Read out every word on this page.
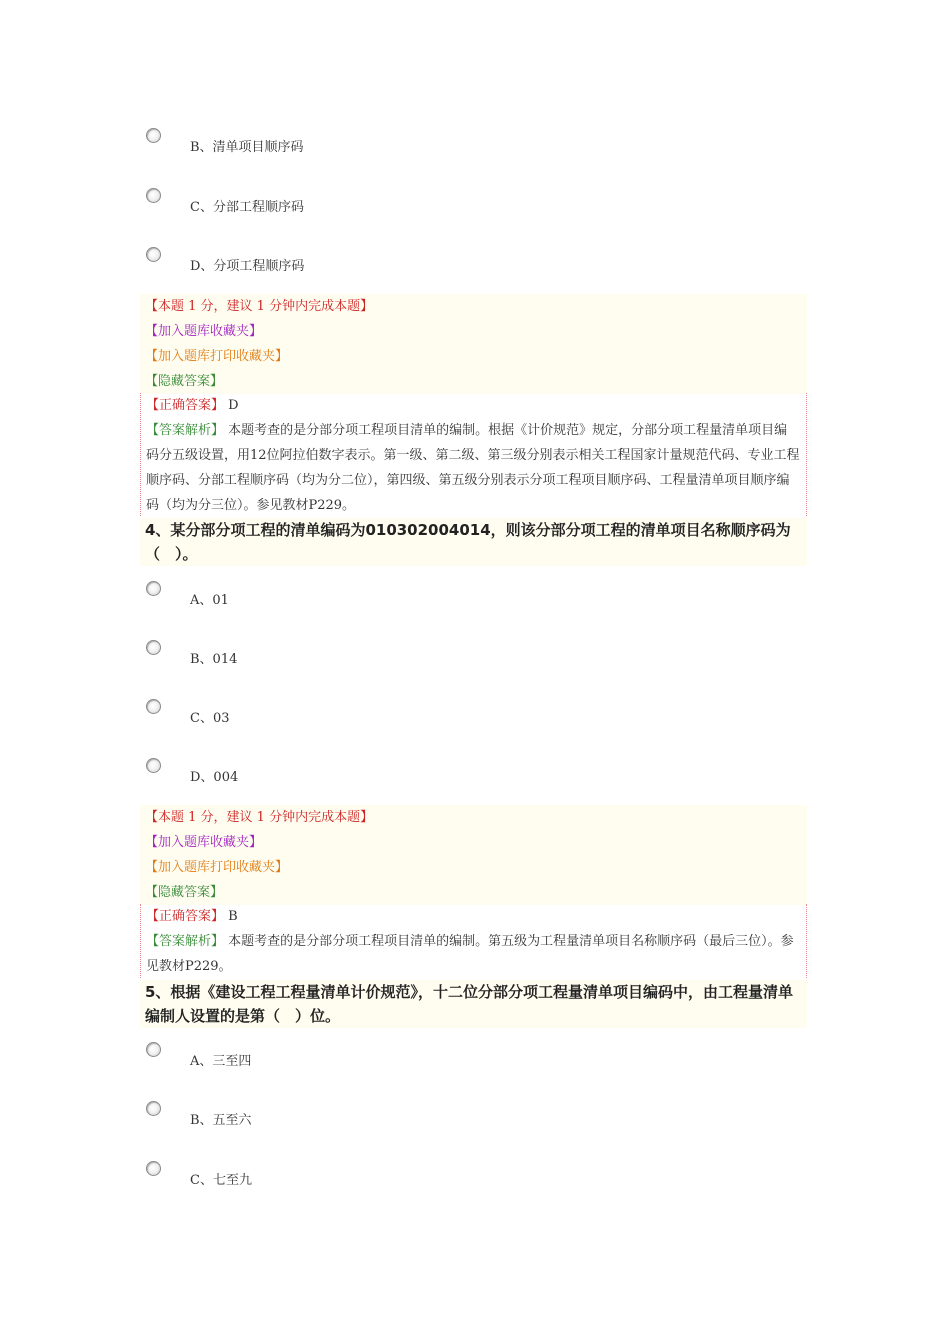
B、清单项目顺序码
C、分部工程顺序码
D、分项工程顺序码
【本题 1 分，建议 1 分钟内完成本题】
【加入题库收藏夹】
【加入题库打印收藏夹】
【隐藏答案】
【正确答案】 D
【答案解析】 本题考查的是分部分项工程项目清单的编制。根据《计价规范》规定，分部分项工程量清单项目编码分五级设置，用12位阿拉伯数字表示。第一级、第二级、第三级分别表示相关工程国家计量规范代码、专业工程顺序码、分部工程顺序码（均为分二位），第四级、第五级分别表示分项工程项目顺序码、工程量清单项目顺序编码（均为分三位）。参见教材P229。
4、某分部分项工程的清单编码为010302004014，则该分部分项工程的清单项目名称顺序码为（　）。
A、01
B、014
C、03
D、004
【本题 1 分，建议 1 分钟内完成本题】
【加入题库收藏夹】
【加入题库打印收藏夹】
【隐藏答案】
【正确答案】 B
【答案解析】 本题考查的是分部分项工程项目清单的编制。第五级为工程量清单项目名称顺序码（最后三位）。参见教材P229。
5、根据《建设工程工程量清单计价规范》，十二位分部分项工程量清单项目编码中，由工程量清单编制人设置的是第（　）位。
A、三至四
B、五至六
C、七至九
